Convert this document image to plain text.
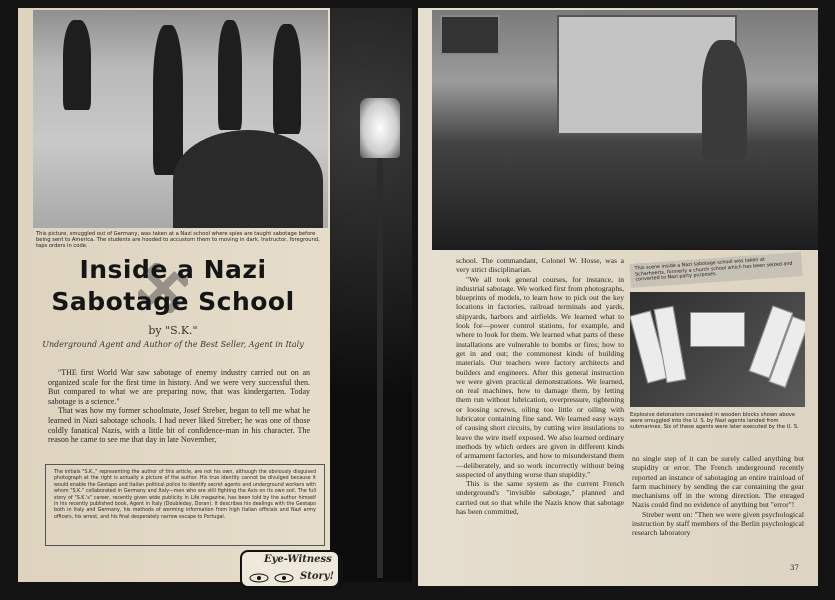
This picture, smuggled out of Germany, was taken at a Nazi school where spies are taught sabotage before being sent to America. The students are hooded to accustom them to moving in dark. Instructor, foreground, taps orders in code.
Inside a Nazi
Sabotage School
by "S.K."
Underground Agent and Author of the Best Seller, Agent in Italy

"THE first World War saw sabotage of enemy industry carried out on an organized scale for the first time in history. And we were very successful then. But compared to what we are preparing now, that was kindergarten. Today sabotage is a science."

That was how my former schoolmate, Josef Streber, began to tell me what he learned in Nazi sabotage schools. I had never liked Streber; he was one of those coldly fanatical Nazis, with a little bit of confidence-man in his character. The reason he came to see me that day in late November,

The initials "S.K.," representing the author of this article, are not his own, although the obviously disguised photograph at the right is actually a picture of the author. His true identity cannot be divulged because it would enable the Gestapo and Italian political police to identify secret agents and underground workers with whom "S.K." collaborated in Germany and Italy—men who are still fighting the Axis on its own soil. The full story of "S.K.'s" career, recently given wide publicity in Life magazine, has been told by the author himself in his recently published book, Agent in Italy (Doubleday, Doran). It describes his dealings with the Gestapo both in Italy and Germany, his methods of worming information from high Italian officials and Nazi army officers, his arrest, and his final desperately narrow escape to Portugal.
Eye-Witness
Story!

school. The commandant, Colonel W. Hosse, was a very strict disciplinarian.

"We all took general courses, for instance, in industrial sabotage. We worked first from photographs, blueprints of models, to learn how to pick out the key locations in factories, railroad terminals and yards, shipyards, harbors and airfields. We learned what to look for—power control stations, for example, and where to look for them. We learned what parts of these installations are vulnerable to bombs or fires; how to get in and out; the commonest kinds of building materials. Our teachers were factory architects and builders and engineers. After this general instruction we were given practical demonstrations. We learned, on real machines, how to damage them, by letting them run without lubrication, overpressure, tightening or loosing screws, oiling too little or oiling with lubricator containing fine sand. We learned easy ways of causing short circuits, by cutting wire insulations to leave the wire itself exposed. We also learned ordinary methods by which orders are given in different kinds of armament factories, and how to misunderstand them—deliberately, and so work incorrectly without being suspected of anything worse than stupidity."

This is the same system as the current French underground's "invisible sabotage," planned and carried out so that while the Nazis know that sabotage has been committed,

This scene inside a Nazi sabotage school was taken at Scharhoerts, formerly a church school which has been seized and converted to Nazi party purposes.
Explosive detonators concealed in wooden blocks shown above were smuggled into the U. S. by Nazi agents landed from submarines. Six of these agents were later executed by the U. S.

no single step of it can be surely called anything but stupidity or error. The French underground recently reported an instance of sabotaging an entire trainload of farm machinery by sending the car containing the gear mechanisms off in the wrong direction. The enraged Nazis could find no evidence of anything but "error"!

Streber went on: "Then we were given psychological instruction by staff members of the Berlin psychological research laboratory

37
